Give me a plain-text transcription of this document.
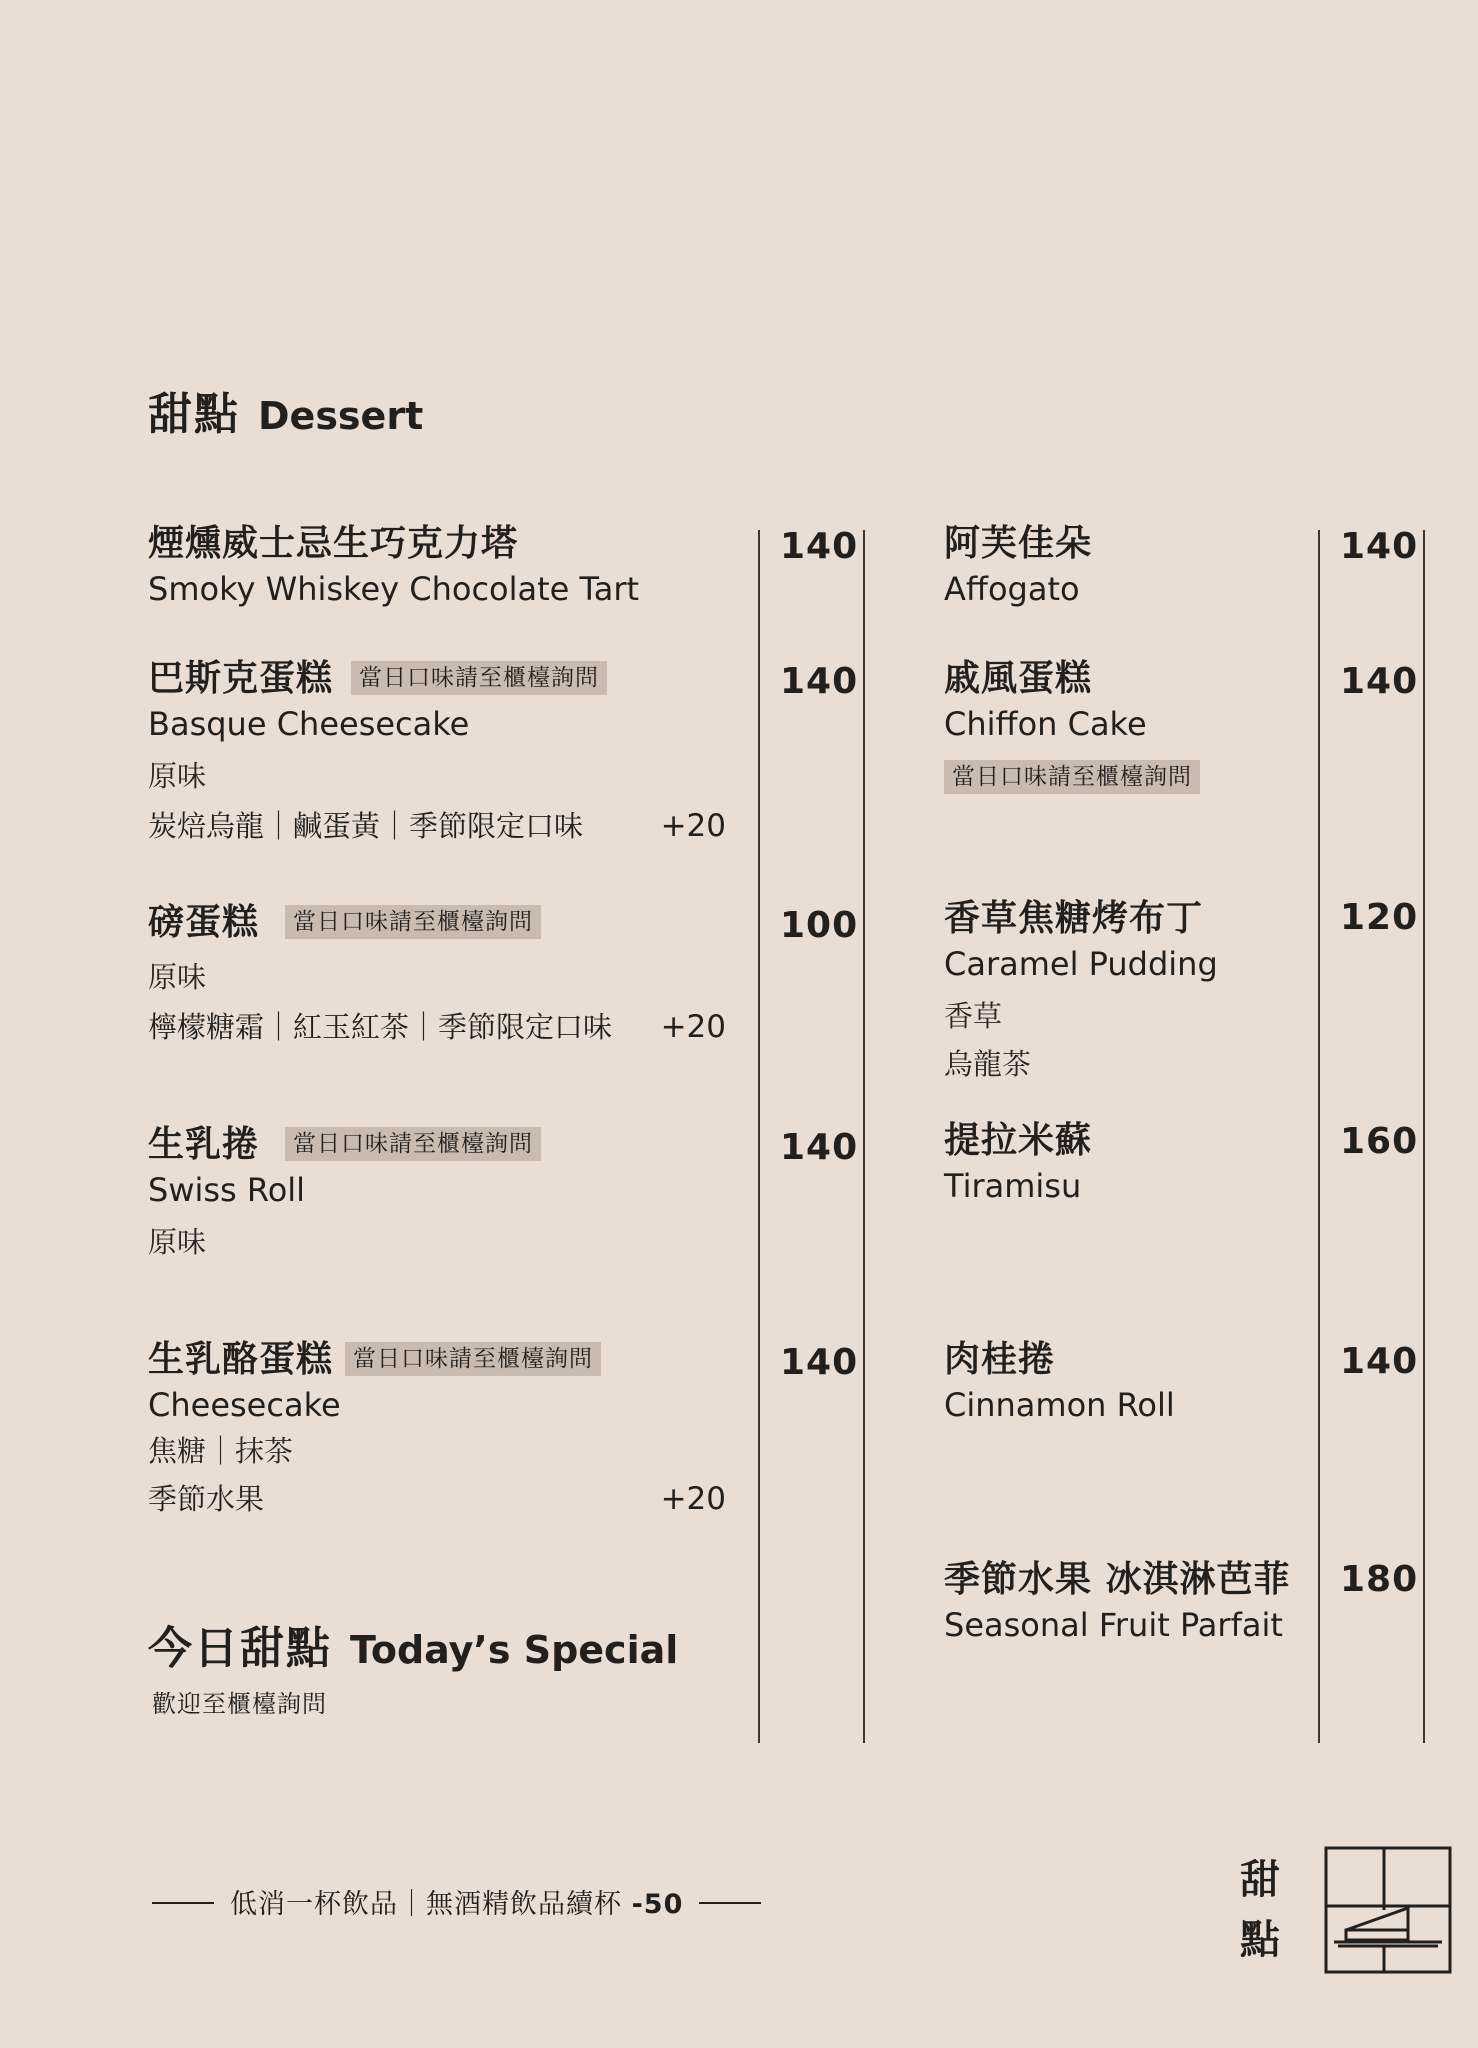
甜點 Dessert
煙燻威士忌生巧克力塔
Smoky Whiskey Chocolate Tart
140
巴斯克蛋糕 當日口味請至櫃檯詢問
Basque Cheesecake
原味
炭焙烏龍｜鹹蛋黃｜季節限定口味	+20
140
磅蛋糕 當日口味請至櫃檯詢問
原味
檸檬糖霜｜紅玉紅茶｜季節限定口味 +20
100
生乳捲 當日口味請至櫃檯詢問
Swiss Roll
原味
140
生乳酪蛋糕 當日口味請至櫃檯詢問
Cheesecake
焦糖｜抹茶
季節水果	+20
140
今日甜點 Today’s Special
歡迎至櫃檯詢問
阿芙佳朵
Affogato
140
戚風蛋糕
Chiffon Cake
當日口味請至櫃檯詢問
140
香草焦糖烤布丁
Caramel Pudding
香草
烏龍茶
120
提拉米蘇
Tiramisu
160
肉桂捲
Cinnamon Roll
140
季節水果 冰淇淋芭菲
Seasonal Fruit Parfait
180
低消一杯飲品｜無酒精飲品續杯 -50
甜
點
